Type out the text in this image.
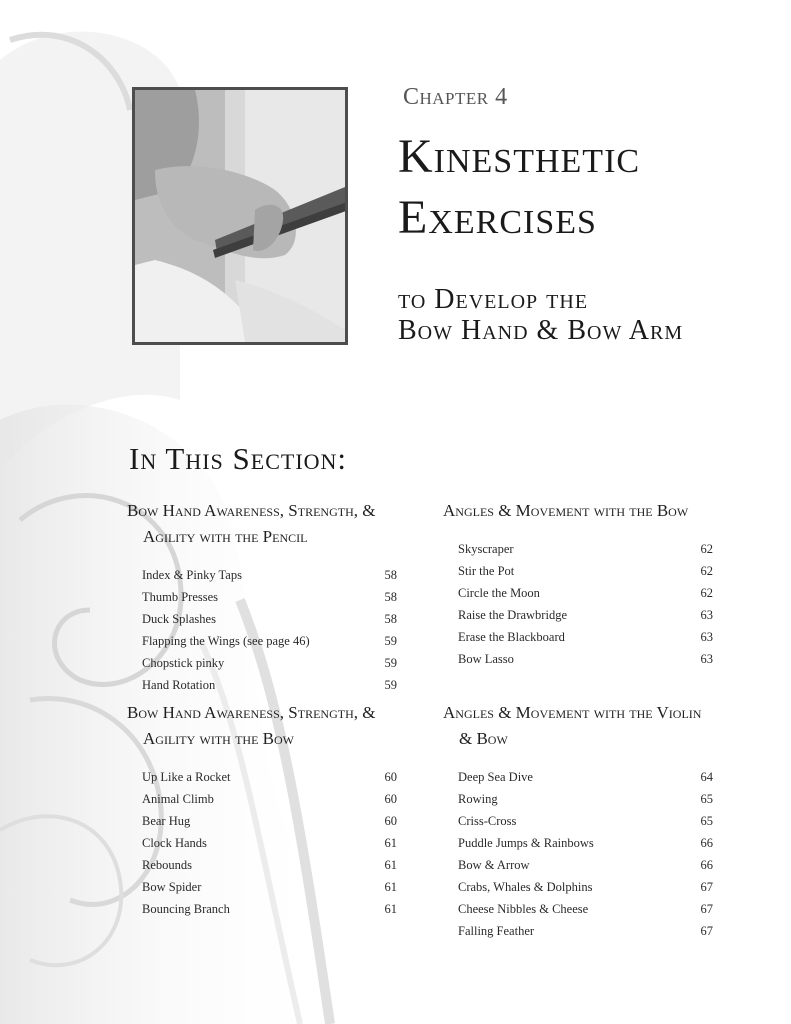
Chapter 4
Kinesthetic
Exercises
to Develop the
Bow Hand & Bow Arm
In This Section:
Bow Hand Awareness, Strength, & Agility with the Pencil
Index & Pinky Taps	58
Thumb Presses	58
Duck Splashes	58
Flapping the Wings (see page 46)	59
Chopstick pinky	59
Hand Rotation	59
Angles & Movement with the Bow
Skyscraper	62
Stir the Pot	62
Circle the Moon	62
Raise the Drawbridge	63
Erase the Blackboard	63
Bow Lasso	63
Bow Hand Awareness, Strength, & Agility with the Bow
Up Like a Rocket	60
Animal Climb	60
Bear Hug	60
Clock Hands	61
Rebounds	61
Bow Spider	61
Bouncing Branch	61
Angles & Movement with the Violin & Bow
Deep Sea Dive	64
Rowing	65
Criss-Cross	65
Puddle Jumps & Rainbows	66
Bow & Arrow	66
Crabs, Whales & Dolphins	67
Cheese Nibbles & Cheese	67
Falling Feather	67
